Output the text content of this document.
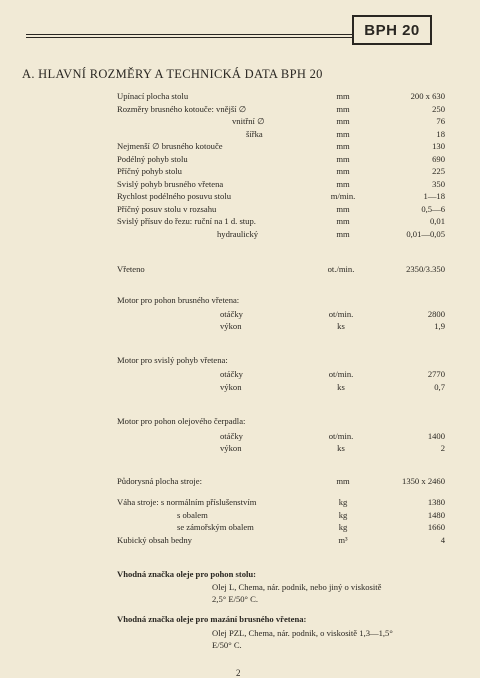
BPH 20
A. HLAVNÍ ROZMĚRY A TECHNICKÁ DATA BPH 20
Upínací plocha stolu	mm	200 x 630
Rozměry brusného kotouče: vnější ∅	mm	250
vnitřní ∅	mm	76
šířka	mm	18
Nejmenší ∅ brusného kotouče	mm	130
Podélný pohyb stolu	mm	690
Příčný pohyb stolu	mm	225
Svislý pohyb brusného vřetena	mm	350
Rychlost podélného posuvu stolu	m/min.	1—18
Příčný posuv stolu v rozsahu	mm	0,5—6
Svislý přísuv do řezu: ruční na 1 d. stup.	mm	0,01
hydraulický	mm	0,01—0,05
Vřeteno	ot./min.	2350/3.350
Motor pro pohon brusného vřetena:
otáčky	ot/min.	2800
výkon	ks	1,9
Motor pro svislý pohyb vřetena:
otáčky	ot/min.	2770
výkon	ks	0,7
Motor pro pohon olejového čerpadla:
otáčky	ot/min.	1400
výkon	ks	2
Půdorysná plocha stroje:	mm	1350 x 2460
Váha stroje: s normálním příslušenstvím	kg	1380
s obalem	kg	1480
se zámořským obalem	kg	1660
Kubický obsah bedny	m³	4
Vhodná značka oleje pro pohon stolu:
Olej L, Chema, nár. podnik, nebo jiný o viskositě
2,5° E/50° C.
Vhodná značka oleje pro mazání brusného vřetena:
Olej PZL, Chema, nár. podnik, o viskositě 1,3—1,5°
E/50° C.
2
